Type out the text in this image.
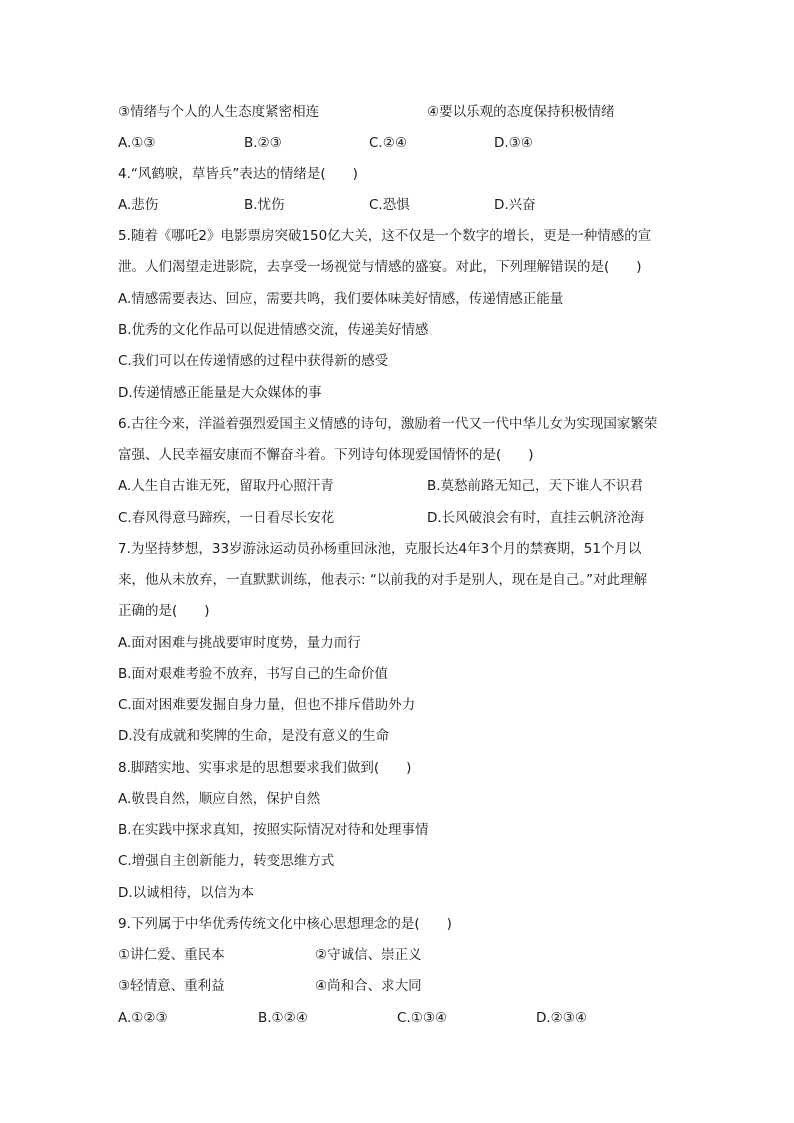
③情绪与个人的人生态度紧密相连	④要以乐观的态度保持积极情绪
A.①③	B.②③	C.②④	D.③④
4.“风鹤唳，草皆兵”表达的情绪是(　　)
A.悲伤	B.忧伤	C.恐惧	D.兴奋
5.随着《哪吒2》电影票房突破150亿大关，这不仅是一个数字的增长，更是一种情感的宣
泄。人们渴望走进影院，去享受一场视觉与情感的盛宴。对此，下列理解错误的是(　　)
A.情感需要表达、回应，需要共鸣，我们要体味美好情感，传递情感正能量
B.优秀的文化作品可以促进情感交流，传递美好情感
C.我们可以在传递情感的过程中获得新的感受
D.传递情感正能量是大众媒体的事
6.古往今来，洋溢着强烈爱国主义情感的诗句，激励着一代又一代中华儿女为实现国家繁荣
富强、人民幸福安康而不懈奋斗着。下列诗句体现爱国情怀的是(　　)
A.人生自古谁无死，留取丹心照汗青	B.莫愁前路无知己，天下谁人不识君
C.春风得意马蹄疾，一日看尽长安花	D.长风破浪会有时，直挂云帆济沧海
7.为坚持梦想，33岁游泳运动员孙杨重回泳池，克服长达4年3个月的禁赛期，51个月以
来，他从未放弃，一直默默训练，他表示: “以前我的对手是别人，现在是自己。”对此理解
正确的是(　　)
A.面对困难与挑战要审时度势，量力而行
B.面对艰难考验不放弃，书写自己的生命价值
C.面对困难要发掘自身力量，但也不排斥借助外力
D.没有成就和奖牌的生命，是没有意义的生命
8.脚踏实地、实事求是的思想要求我们做到(　　)
A.敬畏自然，顺应自然，保护自然
B.在实践中探求真知，按照实际情况对待和处理事情
C.增强自主创新能力，转变思维方式
D.以诚相待，以信为本
9.下列属于中华优秀传统文化中核心思想理念的是(　　)
①讲仁爱、重民本	②守诚信、崇正义
③轻情意、重利益	④尚和合、求大同
A.①②③	B.①②④	C.①③④	D.②③④
